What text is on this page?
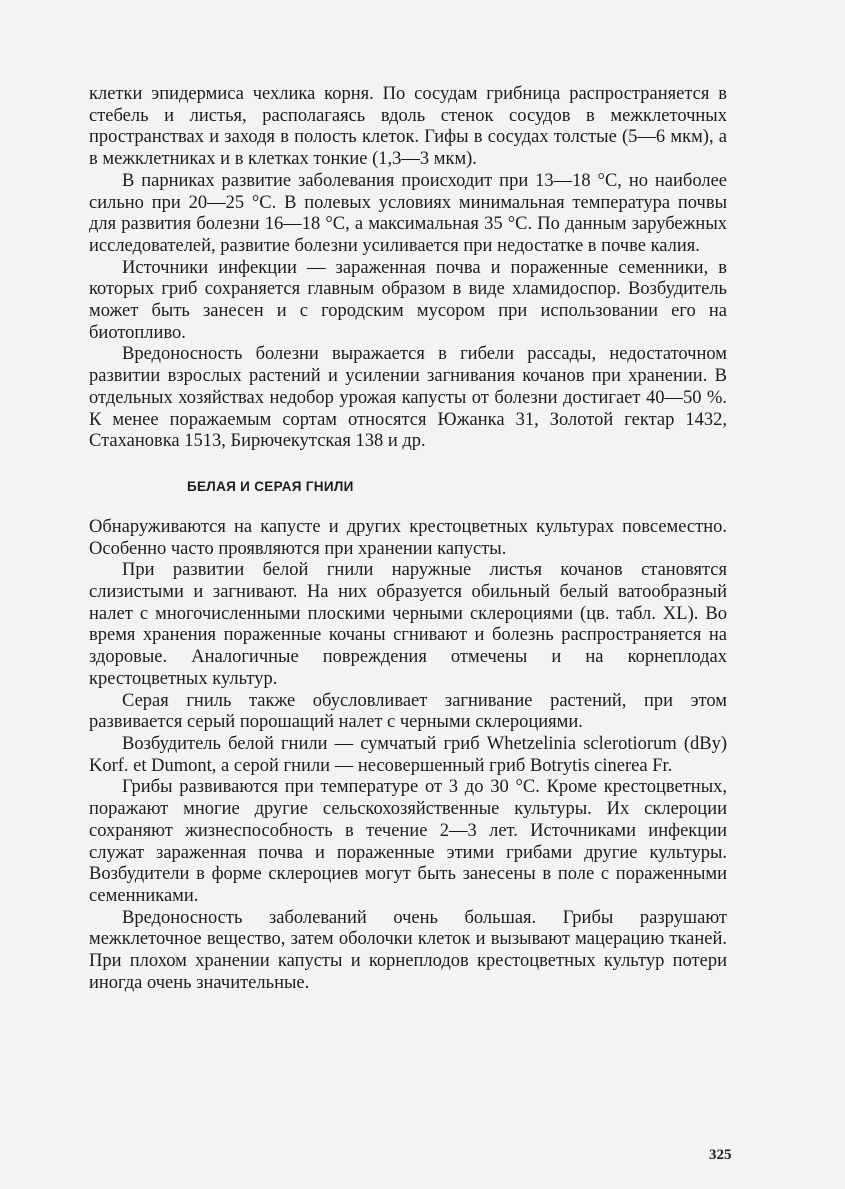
клетки эпидермиса чехлика корня. По сосудам грибница распространяется в стебель и листья, располагаясь вдоль стенок сосудов в межклеточных пространствах и заходя в полость клеток. Гифы в сосудах толстые (5—6 мкм), а в межклетниках и в клетках тонкие (1,3—3 мкм).

В парниках развитие заболевания происходит при 13—18 °С, но наиболее сильно при 20—25 °С. В полевых условиях минимальная температура почвы для развития болезни 16—18 °С, а максимальная 35 °С. По данным зарубежных исследователей, развитие болезни усиливается при недостатке в почве калия.

Источники инфекции — зараженная почва и пораженные семенники, в которых гриб сохраняется главным образом в виде хламидоспор. Возбудитель может быть занесен и с городским мусором при использовании его на биотопливо.

Вредоносность болезни выражается в гибели рассады, недостаточном развитии взрослых растений и усилении загнивания кочанов при хранении. В отдельных хозяйствах недобор урожая капусты от болезни достигает 40—50 %. К менее поражаемым сортам относятся Южанка 31, Золотой гектар 1432, Стахановка 1513, Бирючекутская 138 и др.

БЕЛАЯ И СЕРАЯ ГНИЛИ

Обнаруживаются на капусте и других крестоцветных культурах повсеместно. Особенно часто проявляются при хранении капусты.

При развитии белой гнили наружные листья кочанов становятся слизистыми и загнивают. На них образуется обильный белый ватообразный налет с многочисленными плоскими черными склероциями (цв. табл. XL). Во время хранения пораженные кочаны сгнивают и болезнь распространяется на здоровые. Аналогичные повреждения отмечены и на корнеплодах крестоцветных культур.

Серая гниль также обусловливает загнивание растений, при этом развивается серый порошащий налет с черными склероциями.

Возбудитель белой гнили — сумчатый гриб Whetzelinia sclerotiorum (dBy) Korf. et Dumont, а серой гнили — несовершенный гриб Botrytis cinerea Fr.

Грибы развиваются при температуре от 3 до 30 °С. Кроме крестоцветных, поражают многие другие сельскохозяйственные культуры. Их склероции сохраняют жизнеспособность в течение 2—3 лет. Источниками инфекции служат зараженная почва и пораженные этими грибами другие культуры. Возбудители в форме склероциев могут быть занесены в поле с пораженными семенниками.

Вредоносность заболеваний очень большая. Грибы разрушают межклеточное вещество, затем оболочки клеток и вызывают мацерацию тканей. При плохом хранении капусты и корнеплодов крестоцветных культур потери иногда очень значительные.

325
